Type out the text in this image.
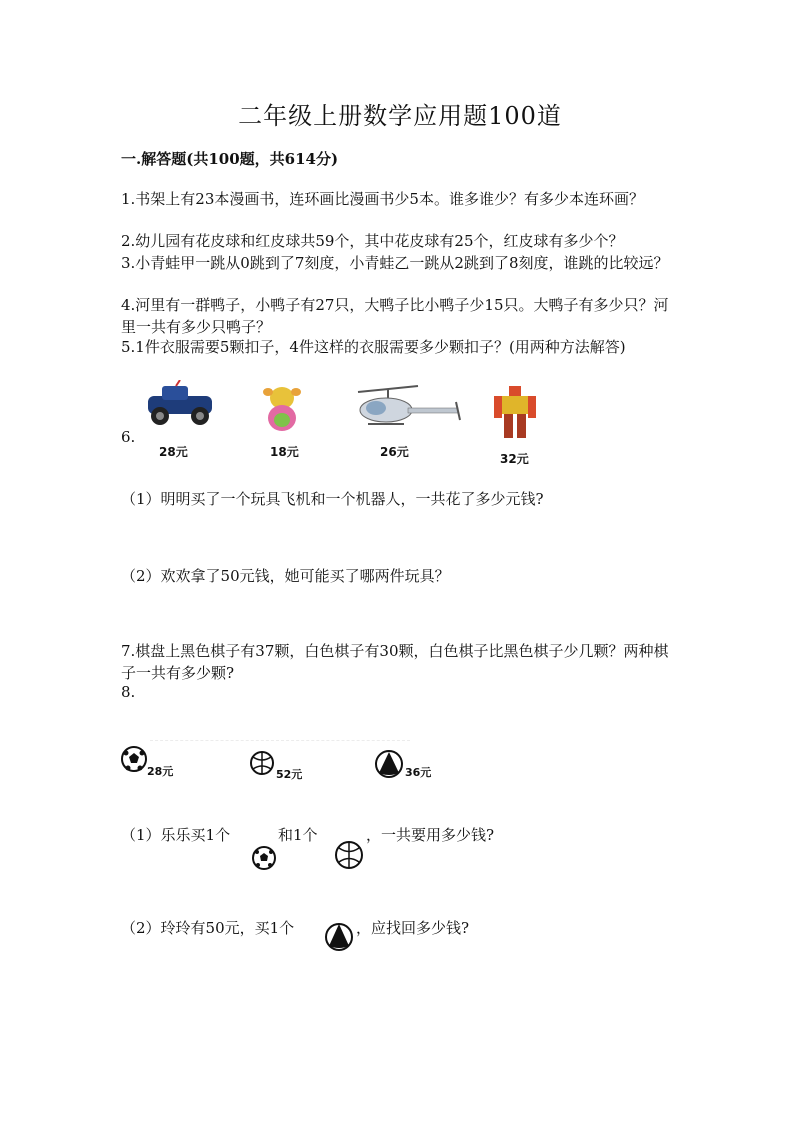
二年级上册数学应用题100道
一.解答题(共100题，共614分)
1.书架上有23本漫画书，连环画比漫画书少5本。谁多谁少？有多少本连环画？
2.幼儿园有花皮球和红皮球共59个，其中花皮球有25个，红皮球有多少个？
3.小青蛙甲一跳从0跳到了7刻度，小青蛙乙一跳从2跳到了8刻度，谁跳的比较远？
4.河里有一群鸭子，小鸭子有27只，大鸭子比小鸭子少15只。大鸭子有多少只？河里一共有多少只鸭子？
5.1件衣服需要5颗扣子，4件这样的衣服需要多少颗扣子？(用两种方法解答)
6.
28元	18元	26元	32元
（1）明明买了一个玩具飞机和一个机器人，一共花了多少元钱?
（2）欢欢拿了50元钱，她可能买了哪两件玩具？
7.棋盘上黑色棋子有37颗，白色棋子有30颗，白色棋子比黑色棋子少几颗？两种棋子一共有多少颗?
8.
28元	52元	36元
（1）乐乐买1个	和1个	，一共要用多少钱?
（2）玲玲有50元，买1个	，应找回多少钱?
